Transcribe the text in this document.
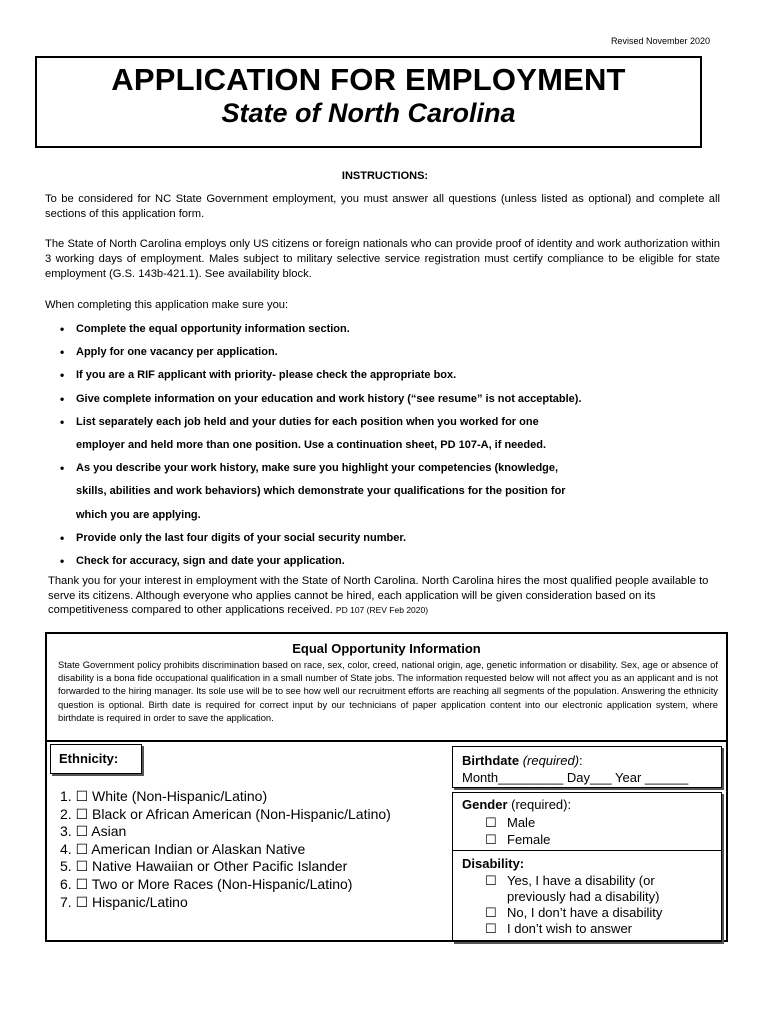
Revised November 2020
APPLICATION FOR EMPLOYMENT
State of North Carolina
INSTRUCTIONS:
To be considered for NC State Government employment, you must answer all questions (unless listed as optional) and complete all sections of this application form.
The State of North Carolina employs only US citizens or foreign nationals who can provide proof of identity and work authorization within 3 working days of employment. Males subject to military selective service registration must certify compliance to be eligible for state employment (G.S. 143b-421.1). See availability block.
When completing this application make sure you:
• Complete the equal opportunity information section.
• Apply for one vacancy per application.
• If you are a RIF applicant with priority- please check the appropriate box.
• Give complete information on your education and work history (“see resume” is not acceptable).
• List separately each job held and your duties for each position when you worked for one
employer and held more than one position. Use a continuation sheet, PD 107-A, if needed.
• As you describe your work history, make sure you highlight your competencies (knowledge,
skills, abilities and work behaviors) which demonstrate your qualifications for the position for
which you are applying.
• Provide only the last four digits of your social security number.
• Check for accuracy, sign and date your application.
Thank you for your interest in employment with the State of North Carolina. North Carolina hires the most qualified people available to serve its citizens. Although everyone who applies cannot be hired, each application will be given consideration based on its competitiveness compared to other applications received. PD 107 (REV Feb 2020)
Equal Opportunity Information
State Government policy prohibits discrimination based on race, sex, color, creed, national origin, age, genetic information or disability. Sex, age or absence of disability is a bona fide occupational qualification in a small number of State jobs. The information requested below will not affect you as an applicant and is not forwarded to the hiring manager. Its sole use will be to see how well our recruitment efforts are reaching all segments of the population. Answering the ethnicity question is optional. Birth date is required for correct input by our technicians of paper application content into our electronic application system, where birthdate is required in order to save the application.
Ethnicity:
1. ☐ White (Non-Hispanic/Latino)
2. ☐ Black or African American (Non-Hispanic/Latino)
3. ☐ Asian
4. ☐ American Indian or Alaskan Native
5. ☐ Native Hawaiian or Other Pacific Islander
6. ☐ Two or More Races (Non-Hispanic/Latino)
7. ☐ Hispanic/Latino
Birthdate (required):
Month_________ Day___ Year ______
Gender (required):
☐ Male
☐ Female
Disability:
☐ Yes, I have a disability (or previously had a disability)
☐ No, I don’t have a disability
☐ I don’t wish to answer
